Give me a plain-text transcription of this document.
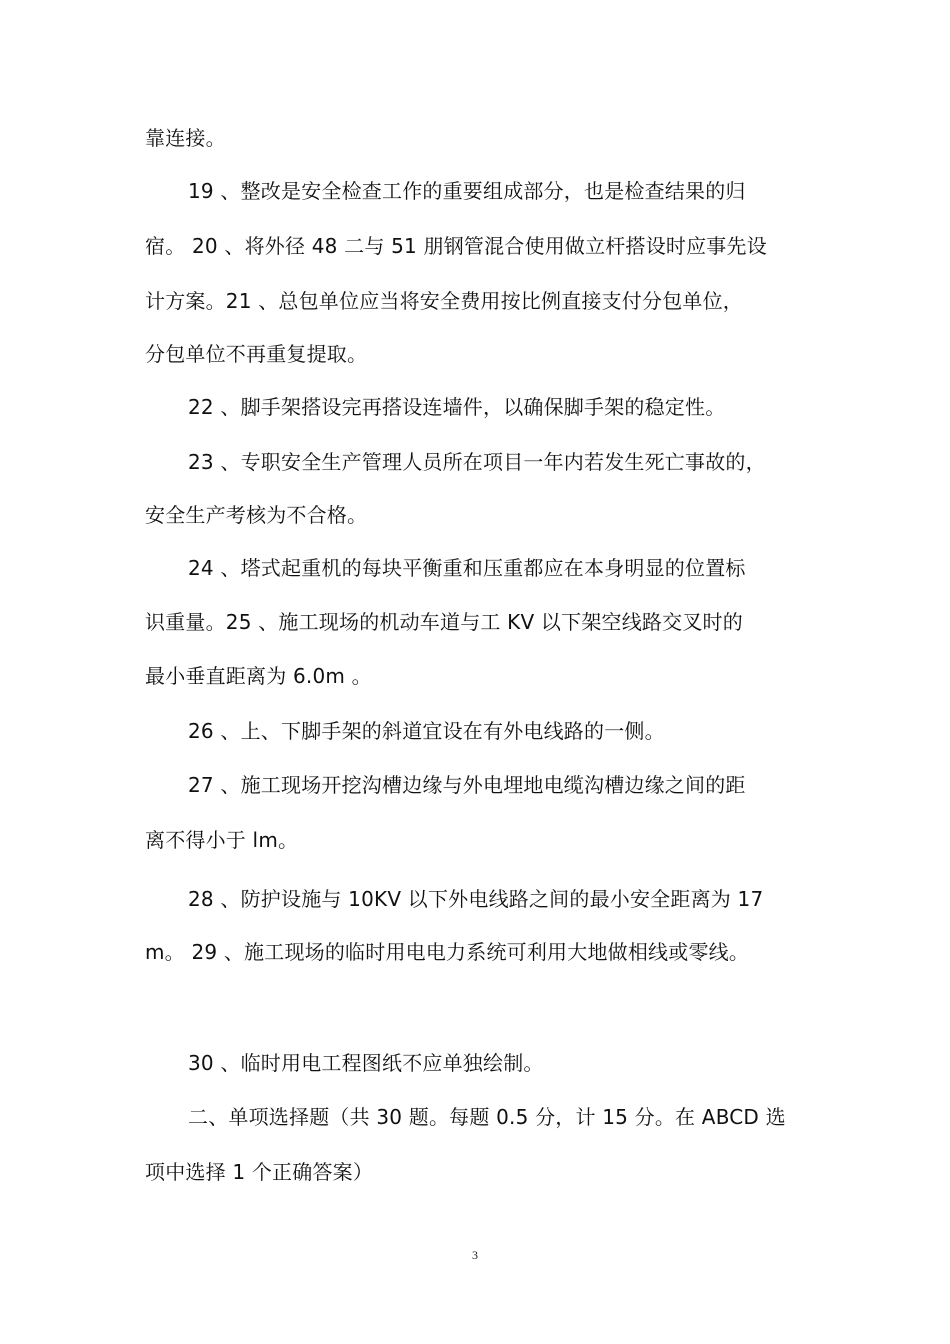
靠连接。
19 、整改是安全检查工作的重要组成部分，也是检查结果的归
宿。 20 、将外径 48 二与 51 朋钢管混合使用做立杆搭设时应事先设
计方案。21 、总包单位应当将安全费用按比例直接支付分包单位，
分包单位不再重复提取。
22 、脚手架搭设完再搭设连墙件，以确保脚手架的稳定性。
23 、专职安全生产管理人员所在项目一年内若发生死亡事故的，
安全生产考核为不合格。
24 、塔式起重机的每块平衡重和压重都应在本身明显的位置标
识重量。25 、施工现场的机动车道与工 KV 以下架空线路交叉时的
最小垂直距离为 6.0m 。
26 、上、下脚手架的斜道宜设在有外电线路的一侧。
27 、施工现场开挖沟槽边缘与外电埋地电缆沟槽边缘之间的距
离不得小于 lm。
28 、防护设施与 10KV 以下外电线路之间的最小安全距离为 17
m。 29 、施工现场的临时用电电力系统可利用大地做相线或零线。
30 、临时用电工程图纸不应单独绘制。
二、单项选择题（共 30 题。每题 0.5 分，计 15 分。在 ABCD 选
项中选择 1 个正确答案）
3
